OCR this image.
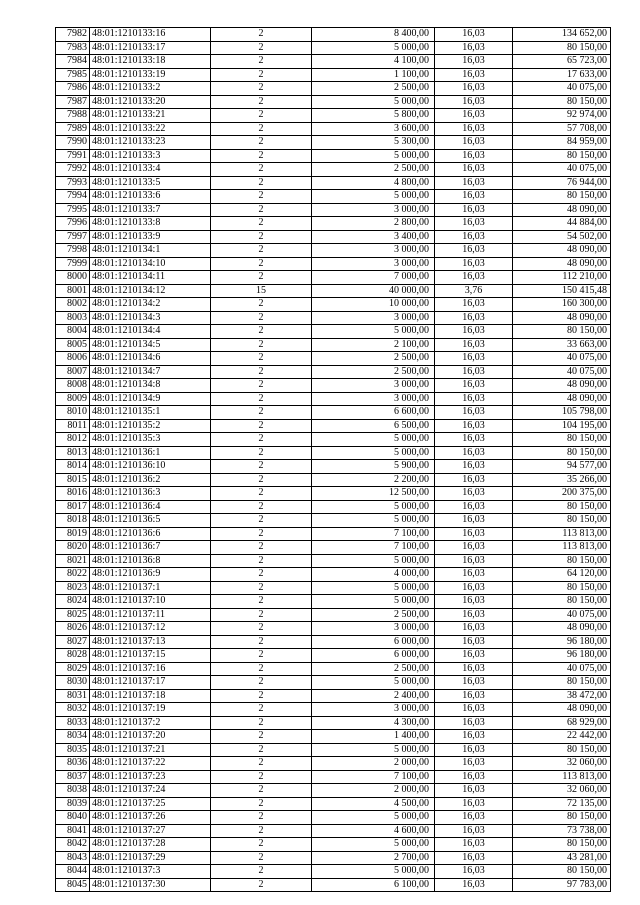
7982	48:01:1210133:16	2	8 400,00	16,03	134 652,00
7983	48:01:1210133:17	2	5 000,00	16,03	80 150,00
7984	48:01:1210133:18	2	4 100,00	16,03	65 723,00
7985	48:01:1210133:19	2	1 100,00	16,03	17 633,00
7986	48:01:1210133:2	2	2 500,00	16,03	40 075,00
7987	48:01:1210133:20	2	5 000,00	16,03	80 150,00
7988	48:01:1210133:21	2	5 800,00	16,03	92 974,00
7989	48:01:1210133:22	2	3 600,00	16,03	57 708,00
7990	48:01:1210133:23	2	5 300,00	16,03	84 959,00
7991	48:01:1210133:3	2	5 000,00	16,03	80 150,00
7992	48:01:1210133:4	2	2 500,00	16,03	40 075,00
7993	48:01:1210133:5	2	4 800,00	16,03	76 944,00
7994	48:01:1210133:6	2	5 000,00	16,03	80 150,00
7995	48:01:1210133:7	2	3 000,00	16,03	48 090,00
7996	48:01:1210133:8	2	2 800,00	16,03	44 884,00
7997	48:01:1210133:9	2	3 400,00	16,03	54 502,00
7998	48:01:1210134:1	2	3 000,00	16,03	48 090,00
7999	48:01:1210134:10	2	3 000,00	16,03	48 090,00
8000	48:01:1210134:11	2	7 000,00	16,03	112 210,00
8001	48:01:1210134:12	15	40 000,00	3,76	150 415,48
8002	48:01:1210134:2	2	10 000,00	16,03	160 300,00
8003	48:01:1210134:3	2	3 000,00	16,03	48 090,00
8004	48:01:1210134:4	2	5 000,00	16,03	80 150,00
8005	48:01:1210134:5	2	2 100,00	16,03	33 663,00
8006	48:01:1210134:6	2	2 500,00	16,03	40 075,00
8007	48:01:1210134:7	2	2 500,00	16,03	40 075,00
8008	48:01:1210134:8	2	3 000,00	16,03	48 090,00
8009	48:01:1210134:9	2	3 000,00	16,03	48 090,00
8010	48:01:1210135:1	2	6 600,00	16,03	105 798,00
8011	48:01:1210135:2	2	6 500,00	16,03	104 195,00
8012	48:01:1210135:3	2	5 000,00	16,03	80 150,00
8013	48:01:1210136:1	2	5 000,00	16,03	80 150,00
8014	48:01:1210136:10	2	5 900,00	16,03	94 577,00
8015	48:01:1210136:2	2	2 200,00	16,03	35 266,00
8016	48:01:1210136:3	2	12 500,00	16,03	200 375,00
8017	48:01:1210136:4	2	5 000,00	16,03	80 150,00
8018	48:01:1210136:5	2	5 000,00	16,03	80 150,00
8019	48:01:1210136:6	2	7 100,00	16,03	113 813,00
8020	48:01:1210136:7	2	7 100,00	16,03	113 813,00
8021	48:01:1210136:8	2	5 000,00	16,03	80 150,00
8022	48:01:1210136:9	2	4 000,00	16,03	64 120,00
8023	48:01:1210137:1	2	5 000,00	16,03	80 150,00
8024	48:01:1210137:10	2	5 000,00	16,03	80 150,00
8025	48:01:1210137:11	2	2 500,00	16,03	40 075,00
8026	48:01:1210137:12	2	3 000,00	16,03	48 090,00
8027	48:01:1210137:13	2	6 000,00	16,03	96 180,00
8028	48:01:1210137:15	2	6 000,00	16,03	96 180,00
8029	48:01:1210137:16	2	2 500,00	16,03	40 075,00
8030	48:01:1210137:17	2	5 000,00	16,03	80 150,00
8031	48:01:1210137:18	2	2 400,00	16,03	38 472,00
8032	48:01:1210137:19	2	3 000,00	16,03	48 090,00
8033	48:01:1210137:2	2	4 300,00	16,03	68 929,00
8034	48:01:1210137:20	2	1 400,00	16,03	22 442,00
8035	48:01:1210137:21	2	5 000,00	16,03	80 150,00
8036	48:01:1210137:22	2	2 000,00	16,03	32 060,00
8037	48:01:1210137:23	2	7 100,00	16,03	113 813,00
8038	48:01:1210137:24	2	2 000,00	16,03	32 060,00
8039	48:01:1210137:25	2	4 500,00	16,03	72 135,00
8040	48:01:1210137:26	2	5 000,00	16,03	80 150,00
8041	48:01:1210137:27	2	4 600,00	16,03	73 738,00
8042	48:01:1210137:28	2	5 000,00	16,03	80 150,00
8043	48:01:1210137:29	2	2 700,00	16,03	43 281,00
8044	48:01:1210137:3	2	5 000,00	16,03	80 150,00
8045	48:01:1210137:30	2	6 100,00	16,03	97 783,00
